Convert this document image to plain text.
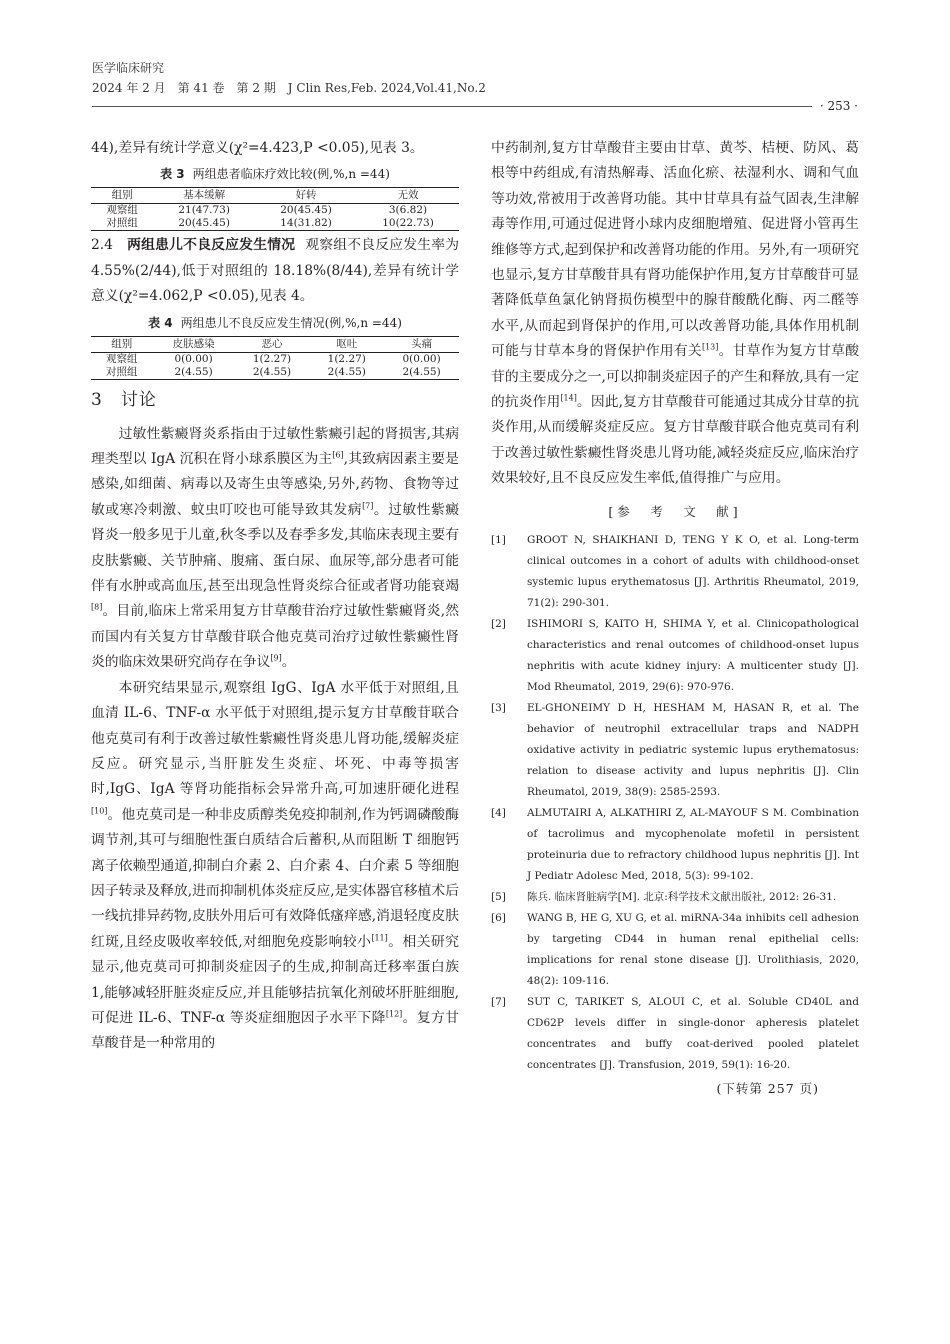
医学临床研究
2024 年 2 月　第 41 卷　第 2 期　J Clin Res,Feb. 2024,Vol.41,No.2
· 253 ·

44),差异有统计学意义(χ²=4.423,P <0.05),见表 3。

表 3 两组患者临床疗效比较(例,%,n =44)
组别	基本缓解	好转	无效
观察组	21(47.73)	20(45.45)	3(6.82)
对照组	20(45.45)	14(31.82)	10(22.73)

2.4　 两组患儿不良反应发生情况 观察组不良反应发生率为 4.55%(2/44),低于对照组的 18.18%(8/44),差异有统计学意义(χ²=4.062,P <0.05),见表 4。

表 4 两组患儿不良反应发生情况(例,%,n =44)
组别	皮肤感染	恶心	呕吐	头痛
观察组	0(0.00)	1(2.27)	1(2.27)	0(0.00)
对照组	2(4.55)	2(4.55)	2(4.55)	2(4.55)
3　 讨论

过敏性紫癜肾炎系指由于过敏性紫癜引起的肾损害,其病理类型以 IgA 沉积在肾小球系膜区为主[6],其致病因素主要是感染,如细菌、病毒以及寄生虫等感染,另外,药物、食物等过敏或寒冷刺激、蚊虫叮咬也可能导致其发病[7]。过敏性紫癜肾炎一般多见于儿童,秋冬季以及春季多发,其临床表现主要有皮肤紫癜、关节肿痛、腹痛、蛋白尿、血尿等,部分患者可能伴有水肿或高血压,甚至出现急性肾炎综合征或者肾功能衰竭[8]。目前,临床上常采用复方甘草酸苷治疗过敏性紫癜肾炎,然而国内有关复方甘草酸苷联合他克莫司治疗过敏性紫癜性肾炎的临床效果研究尚存在争议[9]。

本研究结果显示,观察组 IgG、IgA 水平低于对照组,且血清 IL-6、TNF-α 水平低于对照组,提示复方甘草酸苷联合他克莫司有利于改善过敏性紫癜性肾炎患儿肾功能,缓解炎症反应。研究显示,当肝脏发生炎症、坏死、中毒等损害时,IgG、IgA 等肾功能指标会异常升高,可加速肝硬化进程[10]。他克莫司是一种非皮质醇类免疫抑制剂,作为钙调磷酸酶调节剂,其可与细胞性蛋白质结合后蓄积,从而阻断 T 细胞钙离子依赖型通道,抑制白介素 2、白介素 4、白介素 5 等细胞因子转录及释放,进而抑制机体炎症反应,是实体器官移植术后一线抗排异药物,皮肤外用后可有效降低瘙痒感,消退轻度皮肤红斑,且经皮吸收率较低,对细胞免疫影响较小[11]。相关研究显示,他克莫司可抑制炎症因子的生成,抑制高迁移率蛋白族 1,能够减轻肝脏炎症反应,并且能够拮抗氧化剂破坏肝脏细胞,可促进 IL-6、TNF-α 等炎症细胞因子水平下降[12]。复方甘草酸苷是一种常用的

中药制剂,复方甘草酸苷主要由甘草、黄芩、桔梗、防风、葛根等中药组成,有清热解毒、活血化瘀、祛湿利水、调和气血等功效,常被用于改善肾功能。其中甘草具有益气固表,生津解毒等作用,可通过促进肾小球内皮细胞增殖、促进肾小管再生维修等方式,起到保护和改善肾功能的作用。另外,有一项研究也显示,复方甘草酸苷具有肾功能保护作用,复方甘草酸苷可显著降低草鱼氯化钠肾损伤模型中的腺苷酸酰化酶、丙二醛等水平,从而起到肾保护的作用,可以改善肾功能,具体作用机制可能与甘草本身的肾保护作用有关[13]。甘草作为复方甘草酸苷的主要成分之一,可以抑制炎症因子的产生和释放,具有一定的抗炎作用[14]。因此,复方甘草酸苷可能通过其成分甘草的抗炎作用,从而缓解炎症反应。复方甘草酸苷联合他克莫司有利于改善过敏性紫癜性肾炎患儿肾功能,减轻炎症反应,临床治疗效果较好,且不良反应发生率低,值得推广与应用。

[参　考　文　献]
[1]	GROOT N, SHAIKHANI D, TENG Y K O, et al. Long-term clinical outcomes in a cohort of adults with childhood-onset systemic lupus erythematosus [J]. Arthritis Rheumatol, 2019, 71(2): 290-301.
[2]	ISHIMORI S, KAITO H, SHIMA Y, et al. Clinicopathological characteristics and renal outcomes of childhood-onset lupus nephritis with acute kidney injury: A multicenter study [J]. Mod Rheumatol, 2019, 29(6): 970-976.
[3]	EL-GHONEIMY D H, HESHAM M, HASAN R, et al. The behavior of neutrophil extracellular traps and NADPH oxidative activity in pediatric systemic lupus erythematosus: relation to disease activity and lupus nephritis [J]. Clin Rheumatol, 2019, 38(9): 2585-2593.
[4]	ALMUTAIRI A, ALKATHIRI Z, AL-MAYOUF S M. Combination of tacrolimus and mycophenolate mofetil in persistent proteinuria due to refractory childhood lupus nephritis [J]. Int J Pediatr Adolesc Med, 2018, 5(3): 99-102.
[5]	陈兵. 临床肾脏病学[M]. 北京:科学技术文献出版社, 2012: 26-31.
[6]	WANG B, HE G, XU G, et al. miRNA-34a inhibits cell adhesion by targeting CD44 in human renal epithelial cells: implications for renal stone disease [J]. Urolithiasis, 2020, 48(2): 109-116.
[7]	SUT C, TARIKET S, ALOUI C, et al. Soluble CD40L and CD62P levels differ in single-donor apheresis platelet concentrates and buffy coat-derived pooled platelet concentrates [J]. Transfusion, 2019, 59(1): 16-20.
(下转第 257 页)
